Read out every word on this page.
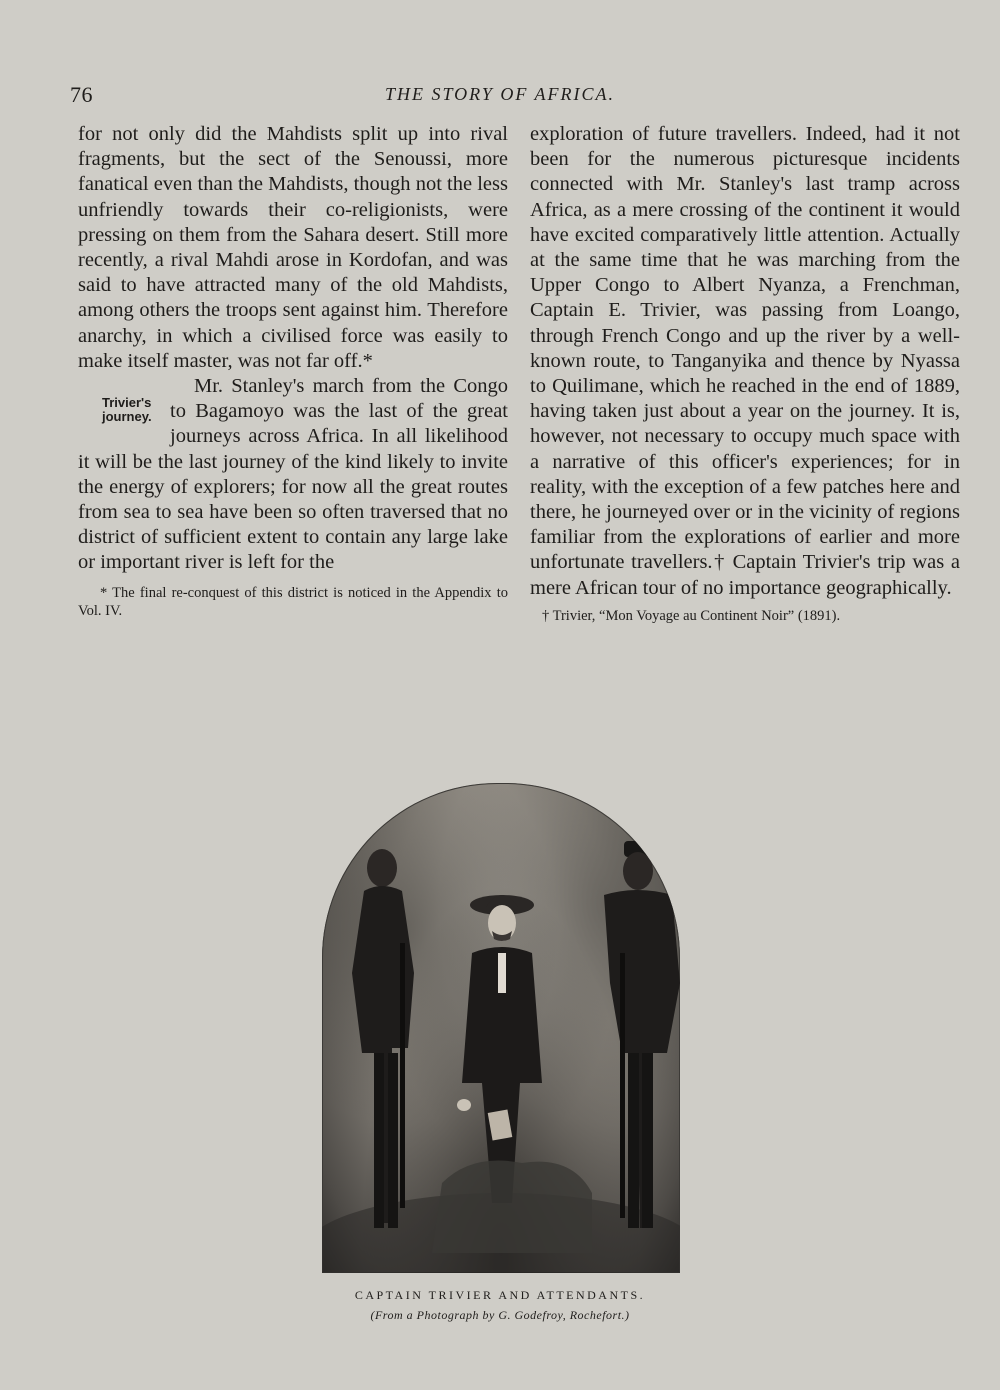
76	THE STORY OF AFRICA.

for not only did the Mahdists split up into rival fragments, but the sect of the Senoussi, more fanatical even than the Mahdists, though not the less unfriendly towards their co-religionists, were pressing on them from the Sahara desert. Still more recently, a rival Mahdi arose in Kordofan, and was said to have attracted many of the old Mahdists, among others the troops sent against him. Therefore anarchy, in which a civilised force was easily to make itself master, was not far off.*

Trivier's
journey.
Mr. Stanley's march from the Congo to Bagamoyo was the last of the great journeys across Africa. In all likelihood it will be the last journey of the kind likely to invite the energy of explorers; for now all the great routes from sea to sea have been so often traversed that no district of sufficient extent to contain any large lake or important river is left for the

* The final re-conquest of this district is noticed in the Appendix to Vol. IV.

exploration of future travellers. Indeed, had it not been for the numerous picturesque incidents connected with Mr. Stanley's last tramp across Africa, as a mere crossing of the continent it would have excited comparatively little attention. Actually at the same time that he was marching from the Upper Congo to Albert Nyanza, a Frenchman, Captain E. Trivier, was passing from Loango, through French Congo and up the river by a well-known route, to Tanganyika and thence by Nyassa to Quilimane, which he reached in the end of 1889, having taken just about a year on the journey. It is, however, not necessary to occupy much space with a narrative of this officer's experiences; for in reality, with the exception of a few patches here and there, he journeyed over or in the vicinity of regions familiar from the explorations of earlier and more unfortunate travellers.† Captain Trivier's trip was a mere African tour of no importance geographically.

† Trivier, “Mon Voyage au Continent Noir” (1891).
CAPTAIN TRIVIER AND ATTENDANTS.
(From a Photograph by G. Godefroy, Rochefort.)
